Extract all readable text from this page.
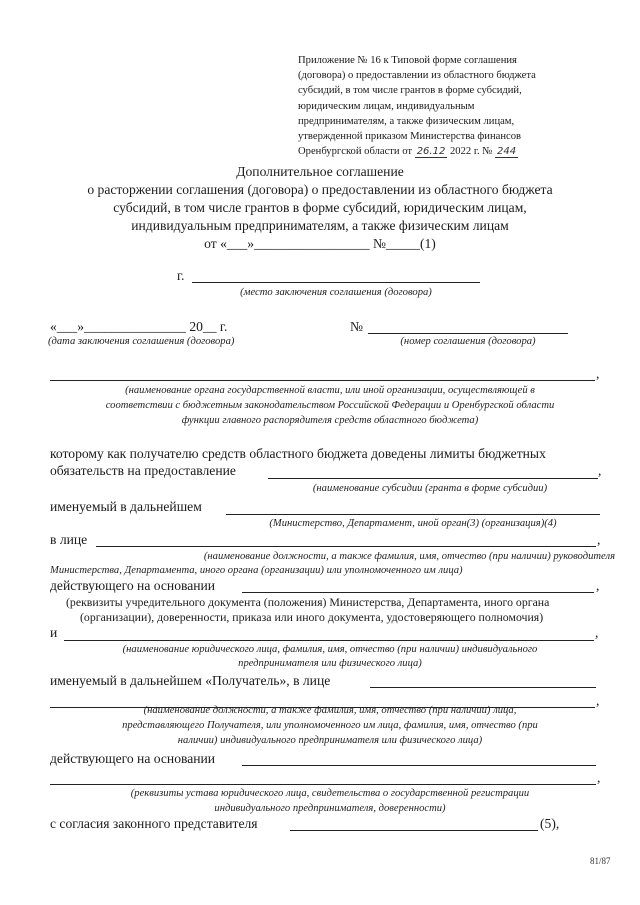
Приложение № 16 к Типовой форме соглашения
(договора) о предоставлении из областного бюджета
субсидий, в том числе грантов в форме субсидий,
юридическим лицам, индивидуальным
предпринимателям, а также физическим лицам,
утвержденной приказом Министерства финансов
Оренбургской области от 26.12 2022 г. № 244
Дополнительное соглашение
о расторжении соглашения (договора) о предоставлении из областного бюджета
субсидий, в том числе грантов в форме субсидий, юридическим лицам,
индивидуальным предпринимателям, а также физическим лицам
от «___»_________________ №_____(1)
г.
(место заключения соглашения (договора)
«___»_______________ 20__ г.
(дата заключения соглашения (договора)
№
(номер соглашения (договора)
,
(наименование органа государственной власти, или иной организации, осуществляющей в
соответствии с бюджетным законодательством Российской Федерации и Оренбургской области
функции главного распорядителя средств областного бюджета)
которому как получателю средств областного бюджета доведены лимиты бюджетных
обязательств на предоставление	,
(наименование субсидии (гранта в форме субсидии)
именуемый в дальнейшем
(Министерство, Департамент, иной орган(3) (организация)(4)
в лице	,
(наименование должности, а также фамилия, имя, отчество (при наличии) руководителя
Министерства, Департамента, иного органа (организации) или уполномоченного им лица)
действующего на основании	,
(реквизиты учредительного документа (положения) Министерства, Департамента, иного органа
(организации), доверенности, приказа или иного документа, удостоверяющего полномочия)
и	,
(наименование юридического лица, фамилия, имя, отчество (при наличии) индивидуального
предпринимателя или физического лица)
именуемый в дальнейшем «Получатель», в лице
,
(наименование должности, а также фамилия, имя, отчество (при наличии) лица,
представляющего Получателя, или уполномоченного им лица, фамилия, имя, отчество (при
наличии) индивидуального предпринимателя или физического лица)
действующего на основании
,
(реквизиты устава юридического лица, свидетельства о государственной регистрации
индивидуального предпринимателя, доверенности)
с согласия законного представителя	(5),
81/87
